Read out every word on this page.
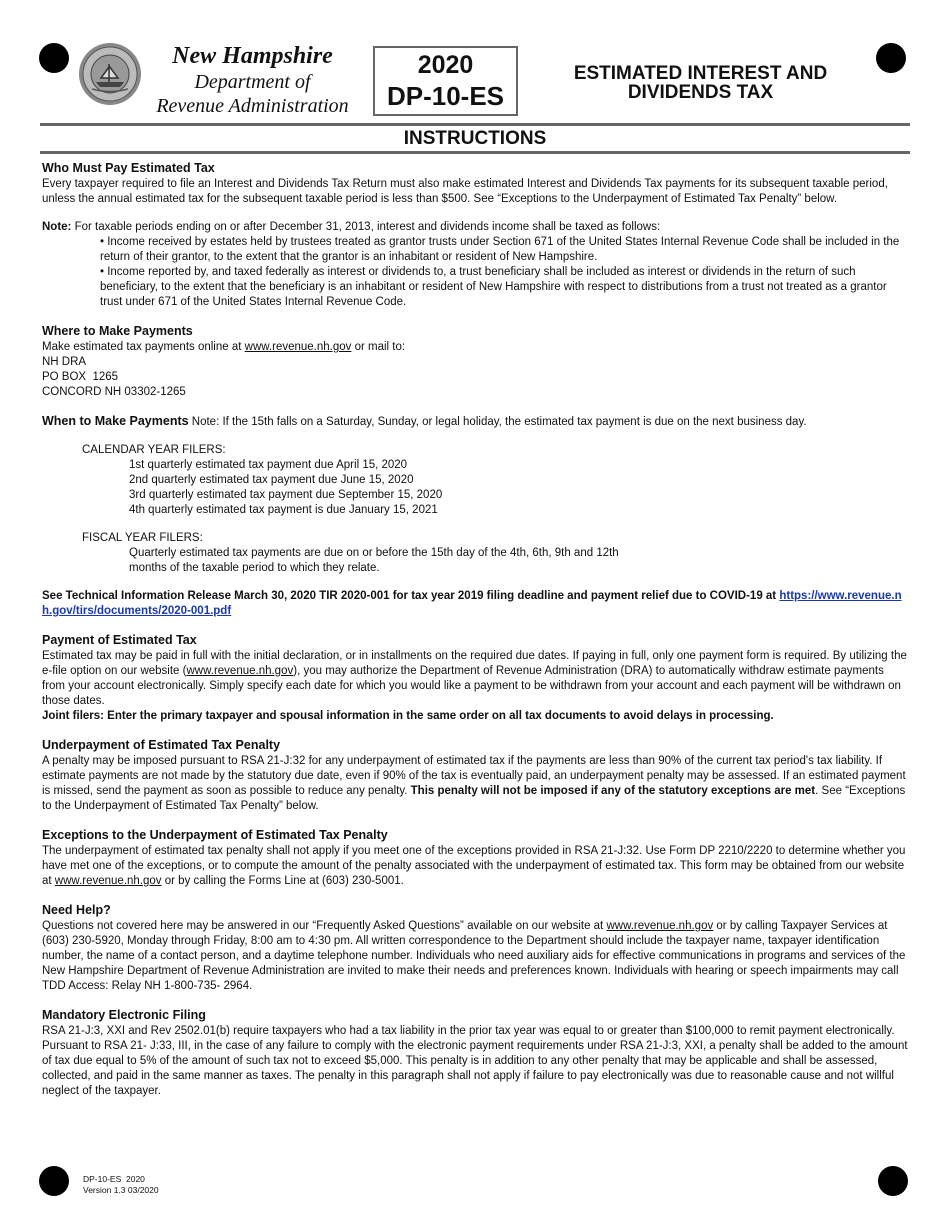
New Hampshire
Department of
Revenue Administration
2020
DP-10-ES
ESTIMATED INTEREST AND
DIVIDENDS TAX
INSTRUCTIONS

Who Must Pay Estimated Tax

Every taxpayer required to file an Interest and Dividends Tax Return must also make estimated Interest and Dividends Tax payments for its subsequent taxable period, unless the annual estimated tax for the subsequent taxable period is less than $500. See “Exceptions to the Underpayment of Estimated Tax Penalty” below.

Note: For taxable periods ending on or after December 31, 2013, interest and dividends income shall be taxed as follows:

• Income received by estates held by trustees treated as grantor trusts under Section 671 of the United States Internal Revenue Code shall be included in the return of their grantor, to the extent that the grantor is an inhabitant or resident of New Hampshire.

• Income reported by, and taxed federally as interest or dividends to, a trust beneficiary shall be included as interest or dividends in the return of such beneficiary, to the extent that the beneficiary is an inhabitant or resident of New Hampshire with respect to distributions from a trust not treated as a grantor trust under 671 of the United States Internal Revenue Code.

Where to Make Payments

Make estimated tax payments online at www.revenue.nh.gov or mail to:

NH DRA

PO BOX  1265

CONCORD NH 03302-1265

When to Make Payments Note: If the 15th falls on a Saturday, Sunday, or legal holiday, the estimated tax payment is due on the next business day.

CALENDAR YEAR FILERS:

1st quarterly estimated tax payment due April 15, 2020

2nd quarterly estimated tax payment due June 15, 2020

3rd quarterly estimated tax payment due September 15, 2020

4th quarterly estimated tax payment is due January 15, 2021

FISCAL YEAR FILERS:

Quarterly estimated tax payments are due on or before the 15th day of the 4th, 6th, 9th and 12th months of the taxable period to which they relate.

See Technical Information Release March 30, 2020 TIR 2020-001 for tax year 2019 filing deadline and payment relief due to COVID-19 at https://www.revenue.nh.gov/tirs/documents/2020-001.pdf

Payment of Estimated Tax

Estimated tax may be paid in full with the initial declaration, or in installments on the required due dates. If paying in full, only one payment form is required. By utilizing the e-file option on our website (www.revenue.nh.gov), you may authorize the Department of Revenue Administration (DRA) to automatically withdraw estimate payments from your account electronically. Simply specify each date for which you would like a payment to be withdrawn from your account and each payment will be withdrawn on those dates.

Joint filers: Enter the primary taxpayer and spousal information in the same order on all tax documents to avoid delays in processing.

Underpayment of Estimated Tax Penalty

A penalty may be imposed pursuant to RSA 21-J:32 for any underpayment of estimated tax if the payments are less than 90% of the current tax period's tax liability. If estimate payments are not made by the statutory due date, even if 90% of the tax is eventually paid, an underpayment penalty may be assessed. If an estimated payment is missed, send the payment as soon as possible to reduce any penalty. This penalty will not be imposed if any of the statutory exceptions are met. See “Exceptions to the Underpayment of Estimated Tax Penalty” below.

Exceptions to the Underpayment of Estimated Tax Penalty

The underpayment of estimated tax penalty shall not apply if you meet one of the exceptions provided in RSA 21-J:32. Use Form DP 2210/2220 to determine whether you have met one of the exceptions, or to compute the amount of the penalty associated with the underpayment of estimated tax. This form may be obtained from our website at www.revenue.nh.gov or by calling the Forms Line at (603) 230-5001.

Need Help?

Questions not covered here may be answered in our “Frequently Asked Questions” available on our website at www.revenue.nh.gov or by calling Taxpayer Services at (603) 230-5920, Monday through Friday, 8:00 am to 4:30 pm. All written correspondence to the Department should include the taxpayer name, taxpayer identification number, the name of a contact person, and a daytime telephone number. Individuals who need auxiliary aids for effective communications in programs and services of the New Hampshire Department of Revenue Administration are invited to make their needs and preferences known. Individuals with hearing or speech impairments may call TDD Access: Relay NH 1-800-735- 2964.

Mandatory Electronic Filing

RSA 21-J:3, XXI and Rev 2502.01(b) require taxpayers who had a tax liability in the prior tax year was equal to or greater than $100,000 to remit payment electronically. Pursuant to RSA 21- J:33, III, in the case of any failure to comply with the electronic payment requirements under RSA 21-J:3, XXI, a penalty shall be added to the amount of tax due equal to 5% of the amount of such tax not to exceed $5,000. This penalty is in addition to any other penalty that may be applicable and shall be assessed, collected, and paid in the same manner as taxes. The penalty in this paragraph shall not apply if failure to pay electronically was due to reasonable cause and not willful neglect of the taxpayer.

DP-10-ES  2020
Version 1.3 03/2020
